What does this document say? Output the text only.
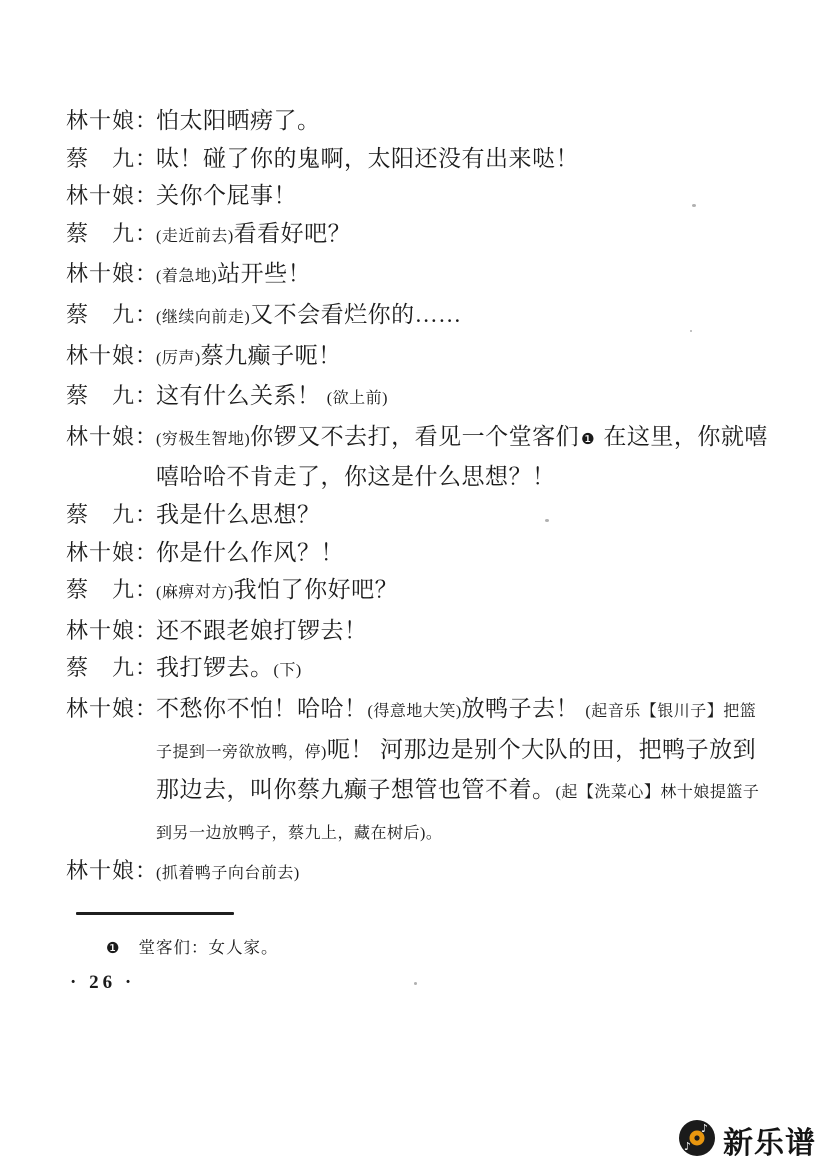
林十娘：
怕太阳晒痨了。
蔡　九：
呔！碰了你的鬼啊，太阳还没有出来哒！
林十娘：
关你个屁事！
蔡　九：
(走近前去)看看好吧？
林十娘：
(着急地)站开些！
蔡　九：
(继续向前走)又不会看烂你的……
林十娘：
(厉声)蔡九癫子呃！
蔡　九：
这有什么关系！ (欲上前)
林十娘：
(穷极生智地)你锣又不去打，看见一个堂客们 ❶ 在这里，你就嘻嘻哈哈不肯走了，你这是什么思想？！
蔡　九：
我是什么思想？
林十娘：
你是什么作风？！
蔡　九：
(麻痹对方)我怕了你好吧？
林十娘：
还不跟老娘打锣去！
蔡　九：
我打锣去。(下)
林十娘：
不愁你不怕！哈哈！(得意地大笑)放鸭子去！ (起音乐【银川子】把篮子提到一旁欲放鸭，停)呃！ 河那边是别个大队的田，把鸭子放到那边去，叫你蔡九癫子想管也管不着。(起【洗菜心】林十娘提篮子到另一边放鸭子，蔡九上，藏在树后)。
林十娘：
(抓着鸭子向台前去)
❶ 堂客们：女人家。
· 26 ·
♪
♪ 新乐谱
